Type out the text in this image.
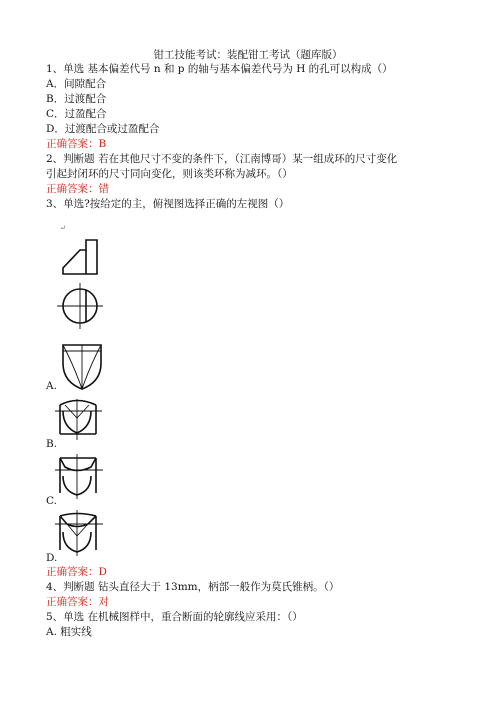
钳工技能考试：装配钳工考试（题库版）
1、单选 基本偏差代号 n 和 p 的轴与基本偏差代号为 H 的孔可以构成（）
A．间隙配合
B．过渡配合
C．过盈配合
D．过渡配合或过盈配合
正确答案：B
2、判断题 若在其他尺寸不变的条件下，（江南博哥）某一组成环的尺寸变化
引起封闭环的尺寸同向变化，则该类环称为减环。（）
正确答案：错
3、单选?按给定的主，俯视图选择正确的左视图（）
↵
A.
B.
C.
D.
正确答案：D
4、判断题 钻头直径大于 13mm，柄部一般作为莫氏锥柄。（）
正确答案：对
5、单选 在机械图样中，重合断面的轮廓线应采用：（）
A. 粗实线
